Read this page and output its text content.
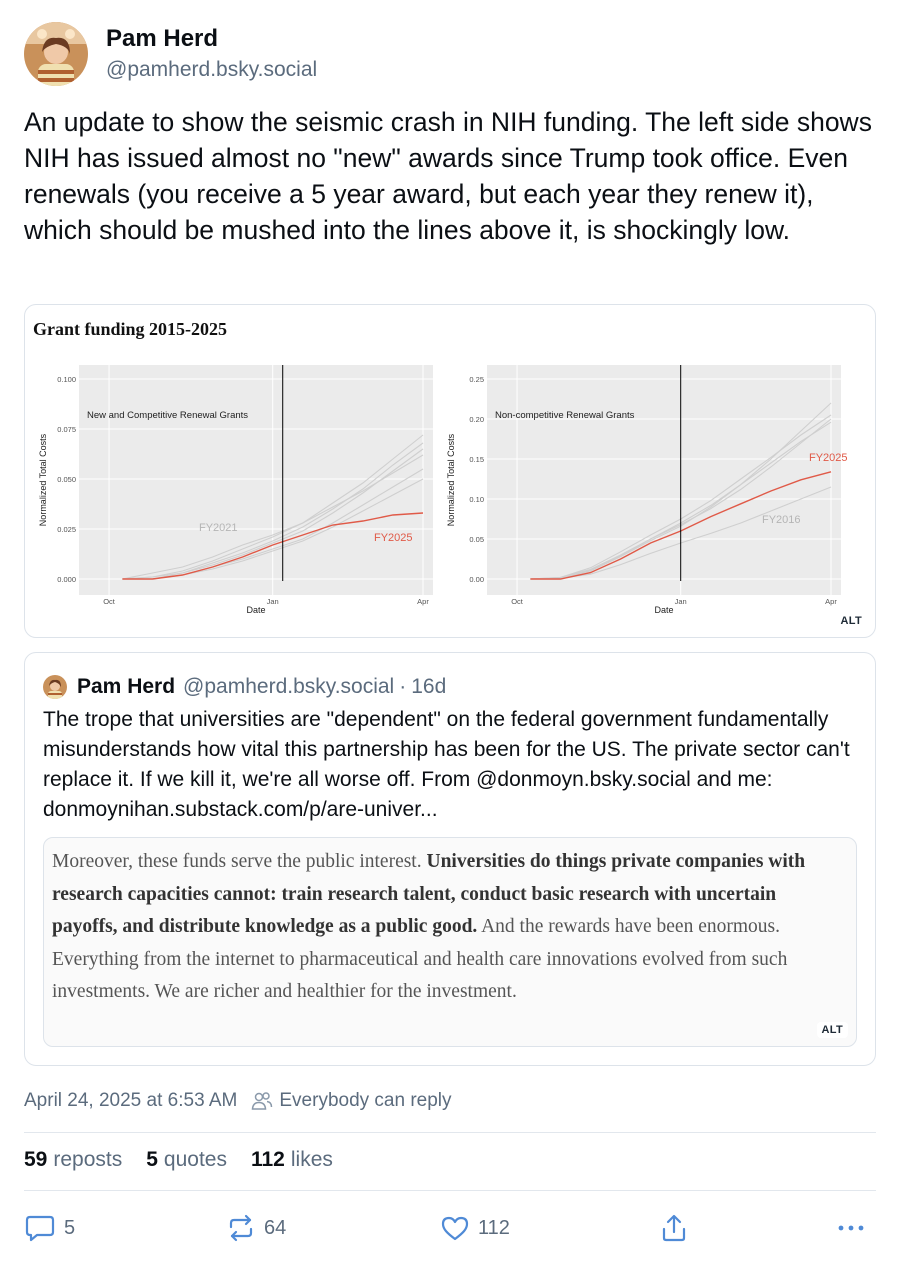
Pam Herd
@pamherd.bsky.social
An update to show the seismic crash in NIH funding. The left side shows NIH has issued almost no "new" awards since Trump took office. Even renewals (you receive a 5 year award, but each year they renew it), which should be mushed into the lines above it, is shockingly low.
0.000
0.025
0.050
0.075
0.100
Oct	Jan	Apr
Date
Normalized Total Costs
New and Competitive Renewal Grants
FY2021
FY2025
0.00
0.05
0.10
0.15
0.20
0.25
Oct	Jan	Apr
Date
Normalized Total Costs
Non-competitive Renewal Grants
FY2025
FY2016
Grant funding 2015-2025
ALT
Pam Herd @pamherd.bsky.social · 16d
The trope that universities are "dependent" on the federal government fundamentally misunderstands how vital this partnership has been for the US. The private sector can't replace it. If we kill it, we're all worse off. From @donmoyn.bsky.social and me: donmoynihan.substack.com/p/are-univer...
Moreover, these funds serve the public interest. Universities do things private companies with research capacities cannot: train research talent, conduct basic research with uncertain payoffs, and distribute knowledge as a public good. And the rewards have been enormous. Everything from the internet to pharmaceutical and health care innovations evolved from such investments. We are richer and healthier for the investment.
ALT
April 24, 2025 at 6:53 AM Everybody can reply
59 reposts 5 quotes 112 likes
5	64	112
